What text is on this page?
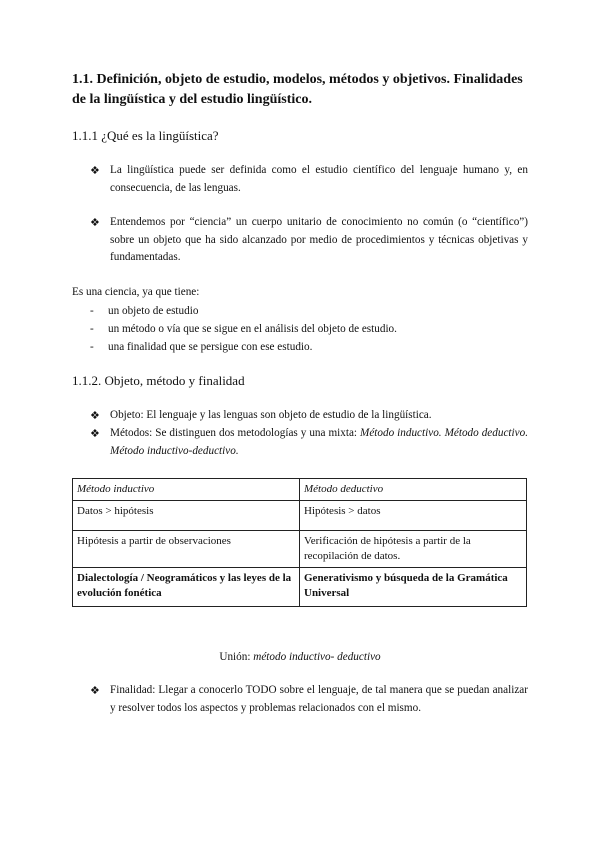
1.1. Definición, objeto de estudio, modelos, métodos y objetivos. Finalidades de la lingüística y del estudio lingüístico.
1.1.1 ¿Qué es la lingüística?
❖ La lingüística puede ser definida como el estudio científico del lenguaje humano y, en consecuencia, de las lenguas.
❖ Entendemos por “ciencia” un cuerpo unitario de conocimiento no común (o “científico”) sobre un objeto que ha sido alcanzado por medio de procedimientos y técnicas objetivas y fundamentadas.
Es una ciencia, ya que tiene:
- un objeto de estudio
- un método o vía que se sigue en el análisis del objeto de estudio.
- una finalidad que se persigue con ese estudio.
1.1.2. Objeto, método y finalidad
❖ Objeto: El lenguaje y las lenguas son objeto de estudio de la lingüística.
❖ Métodos: Se distinguen dos metodologías y una mixta: Método inductivo. Método deductivo. Método inductivo-deductivo.
Método inductivo	Método deductivo
Datos > hipótesis	Hipótesis > datos
Hipótesis a partir de observaciones	Verificación de hipótesis a partir de la recopilación de datos.
Dialectología / Neogramáticos y las leyes de la evolución fonética	Generativismo y búsqueda de la Gramática Universal
Unión: método inductivo- deductivo
❖ Finalidad: Llegar a conocerlo TODO sobre el lenguaje, de tal manera que se puedan analizar y resolver todos los aspectos y problemas relacionados con el mismo.
